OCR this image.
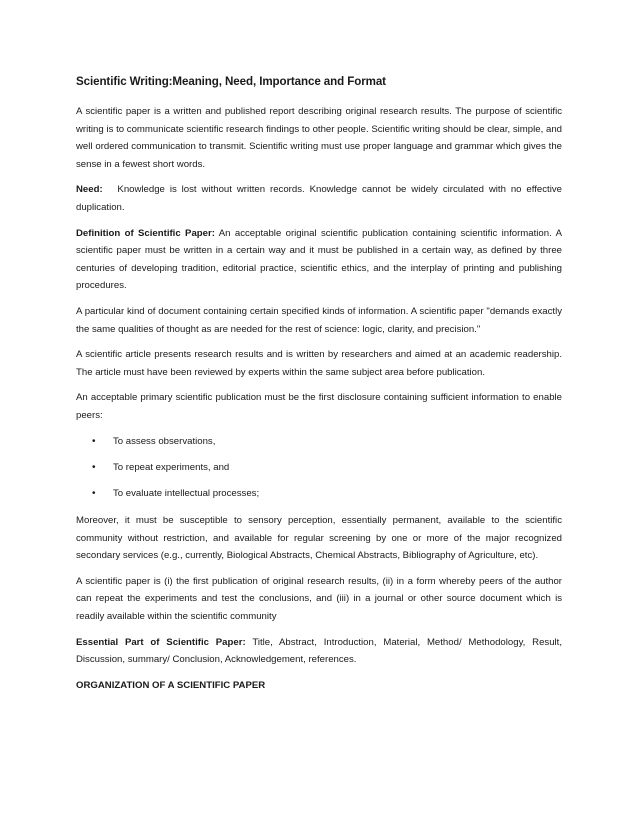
Scientific Writing:Meaning, Need, Importance and Format

A scientific paper is a written and published report describing original research results. The purpose of scientific writing is to communicate scientific research findings to other people. Scientific writing should be clear, simple, and well ordered communication to transmit. Scientific writing must use proper language and grammar which gives the sense in a fewest short words.

Need: Knowledge is lost without written records. Knowledge cannot be widely circulated with no effective duplication.

Definition of Scientific Paper: An acceptable original scientific publication containing scientific information. A scientific paper must be written in a certain way and it must be published in a certain way, as defined by three centuries of developing tradition, editorial practice, scientific ethics, and the interplay of printing and publishing procedures.

A particular kind of document containing certain specified kinds of information. A scientific paper "demands exactly the same qualities of thought as are needed for the rest of science: logic, clarity, and precision."

A scientific article presents research results and is written by researchers and aimed at an academic readership. The article must have been reviewed by experts within the same subject area before publication.

An acceptable primary scientific publication must be the first disclosure containing sufficient information to enable peers:

• To assess observations,
• To repeat experiments, and
• To evaluate intellectual processes;

Moreover, it must be susceptible to sensory perception, essentially permanent, available to the scientific community without restriction, and available for regular screening by one or more of the major recognized secondary services (e.g., currently, Biological Abstracts, Chemical Abstracts, Bibliography of Agriculture, etc).

A scientific paper is (i) the first publication of original research results, (ii) in a form whereby peers of the author can repeat the experiments and test the conclusions, and (iii) in a journal or other source document which is readily available within the scientific community

Essential Part of Scientific Paper: Title, Abstract, Introduction, Material, Method/ Methodology, Result, Discussion, summary/ Conclusion, Acknowledgement, references.

ORGANIZATION OF A SCIENTIFIC PAPER
